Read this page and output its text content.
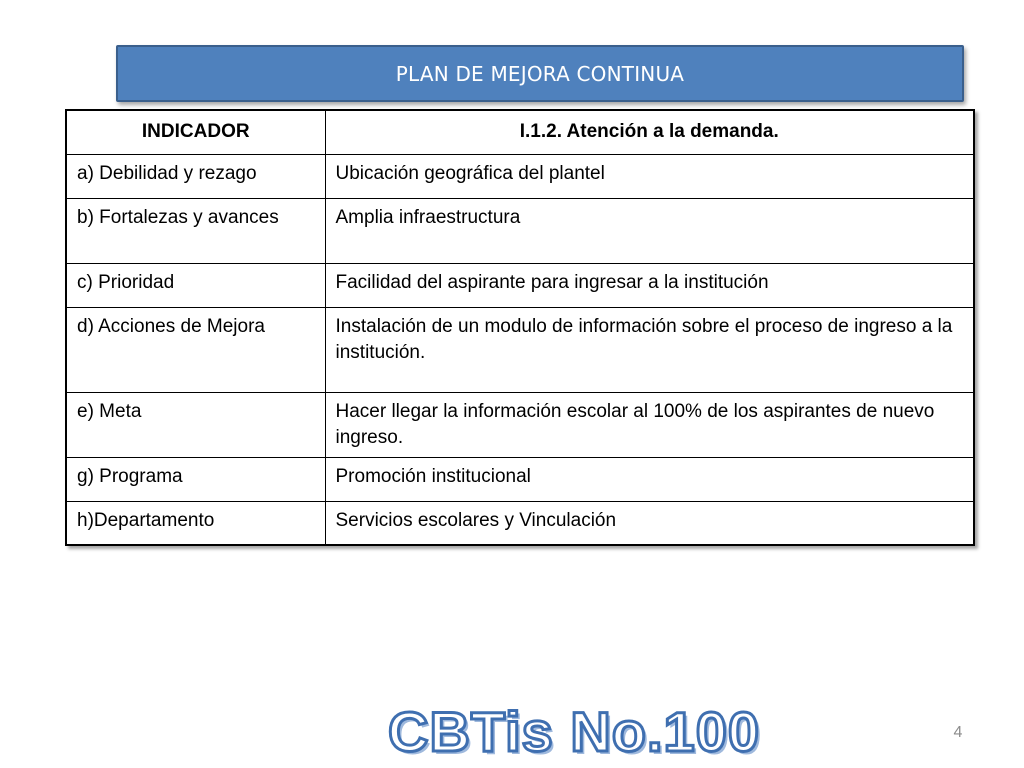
PLAN DE MEJORA CONTINUA
INDICADOR	I.1.2. Atención a la demanda.
a) Debilidad y rezago	Ubicación geográfica del plantel
b) Fortalezas y avances	Amplia infraestructura
c) Prioridad	Facilidad del aspirante para ingresar a la institución
d) Acciones de Mejora	Instalación de un modulo de información sobre el proceso de ingreso a la institución.
e) Meta	Hacer llegar la información escolar al 100% de los aspirantes de nuevo ingreso.
g) Programa	Promoción institucional
h)Departamento	Servicios escolares y Vinculación
4
CBTis No.100
